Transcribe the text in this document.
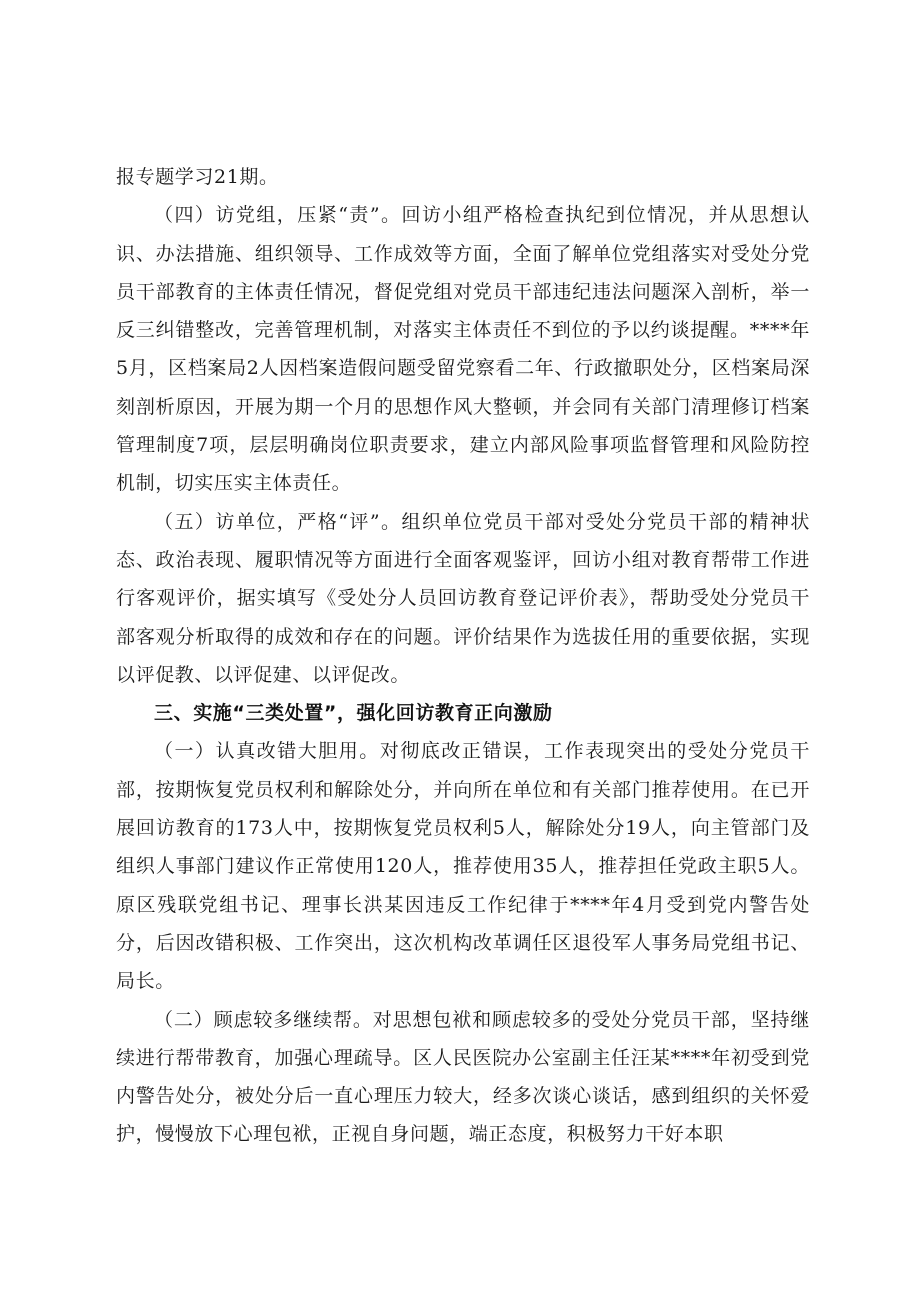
报专题学习21期。

（四）访党组，压紧“责”。回访小组严格检查执纪到位情况，并从思想认识、办法措施、组织领导、工作成效等方面，全面了解单位党组落实对受处分党员干部教育的主体责任情况，督促党组对党员干部违纪违法问题深入剖析，举一反三纠错整改，完善管理机制，对落实主体责任不到位的予以约谈提醒。****年5月，区档案局2人因档案造假问题受留党察看二年、行政撤职处分，区档案局深刻剖析原因，开展为期一个月的思想作风大整顿，并会同有关部门清理修订档案管理制度7项，层层明确岗位职责要求，建立内部风险事项监督管理和风险防控机制，切实压实主体责任。

（五）访单位，严格“评”。组织单位党员干部对受处分党员干部的精神状态、政治表现、履职情况等方面进行全面客观鉴评，回访小组对教育帮带工作进行客观评价，据实填写《受处分人员回访教育登记评价表》，帮助受处分党员干部客观分析取得的成效和存在的问题。评价结果作为选拔任用的重要依据，实现以评促教、以评促建、以评促改。

三、实施“三类处置”，强化回访教育正向激励

（一）认真改错大胆用。对彻底改正错误，工作表现突出的受处分党员干部，按期恢复党员权利和解除处分，并向所在单位和有关部门推荐使用。在已开展回访教育的173人中，按期恢复党员权利5人，解除处分19人，向主管部门及组织人事部门建议作正常使用120人，推荐使用35人，推荐担任党政主职5人。原区残联党组书记、理事长洪某因违反工作纪律于****年4月受到党内警告处分，后因改错积极、工作突出，这次机构改革调任区退役军人事务局党组书记、局长。

（二）顾虑较多继续帮。对思想包袱和顾虑较多的受处分党员干部，坚持继续进行帮带教育，加强心理疏导。区人民医院办公室副主任汪某****年初受到党内警告处分，被处分后一直心理压力较大，经多次谈心谈话，感到组织的关怀爱护，慢慢放下心理包袱，正视自身问题，端正态度，积极努力干好本职
